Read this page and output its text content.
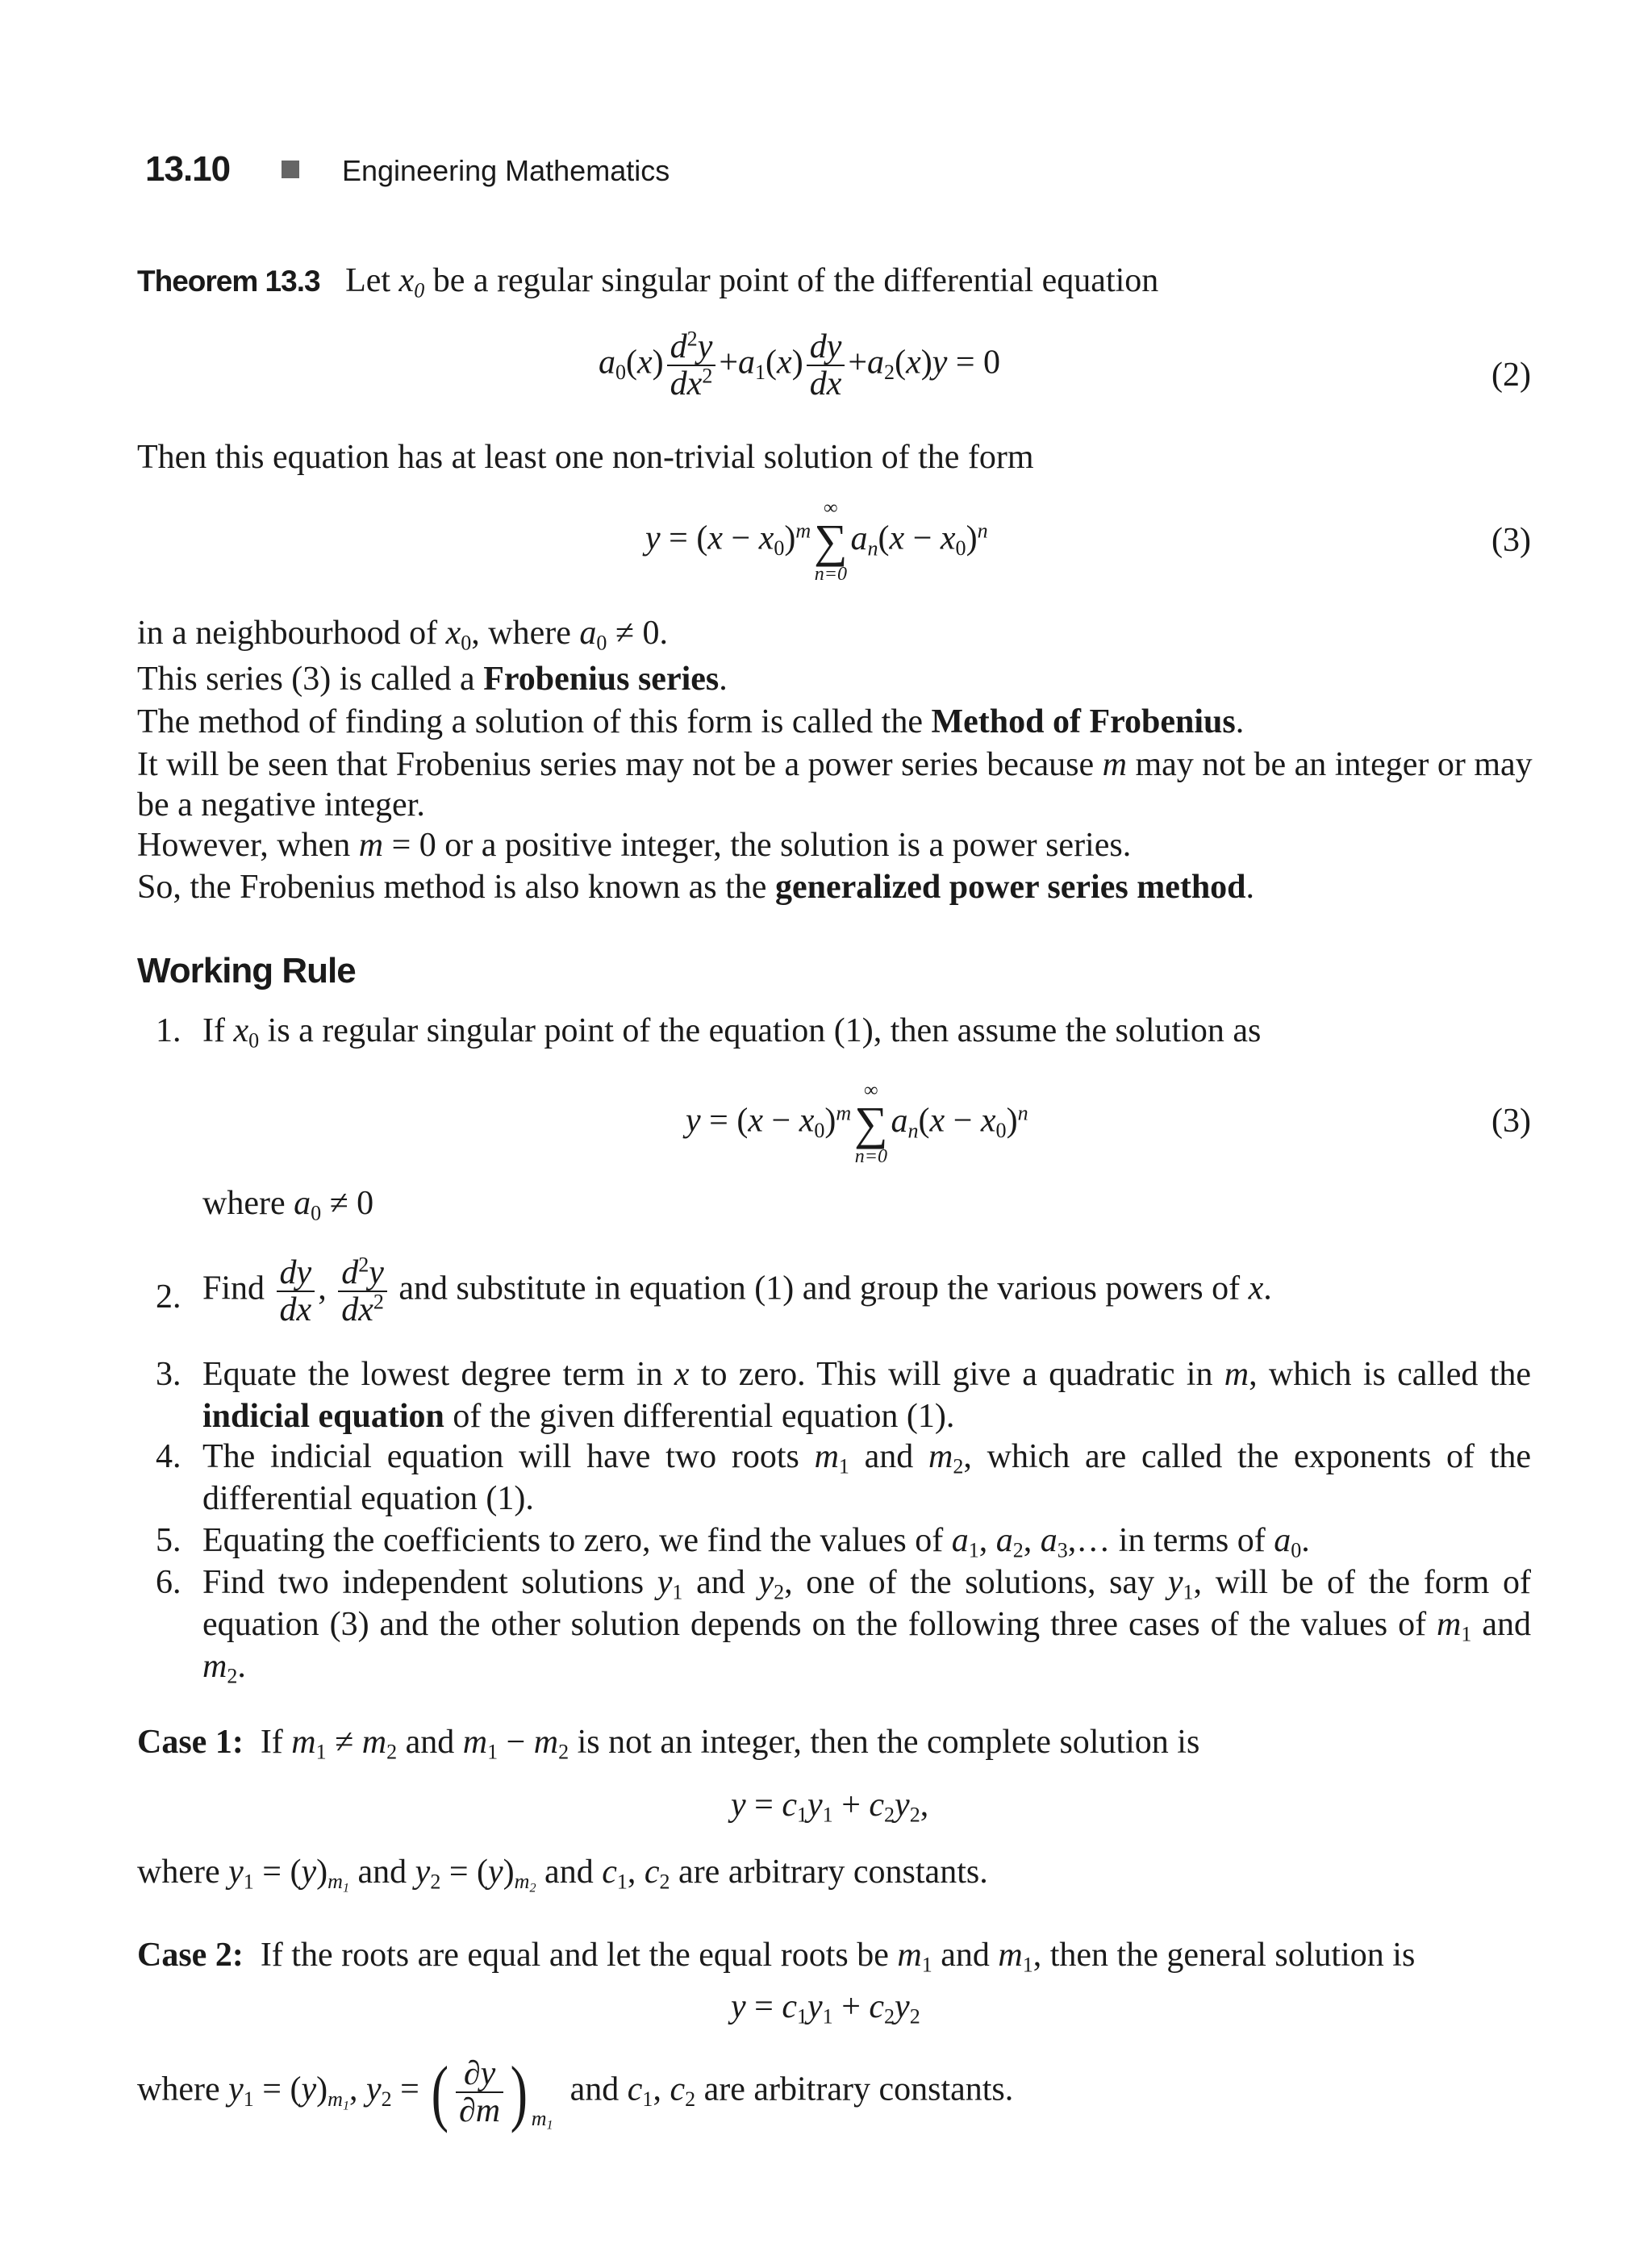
13.10	Engineering Mathematics
Theorem 13.3 Let $x_0$ be a regular singular point of the differential equation
$a_0(x) \frac{d^2y}{dx^2} +a_1(x) \frac{dy}{dx} +a_2(x)y = 0$	(2)
Then this equation has at least one non-trivial solution of the form
$y = (x - x_0)^m$
∞
∑
n=0
$a_n(x - x_0)^n$	(3)
in a neighbourhood of $x_0$, where $a_0 \ne 0$.
This series (3) is called a Frobenius series.
The method of finding a solution of this form is called the Method of Frobenius.
It will be seen that Frobenius series may not be a power series because m may not be an integer or may
be a negative integer.
However, when m = 0 or a positive integer, the solution is a power series.
So, the Frobenius method is also known as the generalized power series method.
Working Rule
1. If $x_0$ is a regular singular point of the equation (1), then assume the solution as
$y = (x - x_0)^m$
∞
∑
n=0
$a_n(x - x_0)^n$	(3)
where $a_0 \ne 0$
2. Find $\frac{dy}{dx}$ , $\frac{d^2y}{dx^2}$ and substitute in equation (1) and group the various powers of x.
3. Equate the lowest degree term in x to zero. This will give a quadratic in m, which is called the indicial equation of the given differential equation (1).
4. The indicial equation will have two roots $m_1$ and $m_2$, which are called the exponents of the differential equation (1).
5. Equating the coefficients to zero, we find the values of $a_1$, $a_2$, $a_3,\dots$ in terms of $a_0$.
6. Find two independent solutions $y_1$ and $y_2$, one of the solutions, say $y_1$, will be of the form of equation (3) and the other solution depends on the following three cases of the values of $m_1$ and $m_2$.
Case 1: If $m_1 \ne m_2$ and $m_1 - m_2$ is not an integer, then the complete solution is
$y = c_1y_1 + c_2y_2$,
where $y_1 = (y)_{m_1}$ and $y_2 = (y)_{m_2}$ and $c_1$, $c_2$ are arbitrary constants.
Case 2: If the roots are equal and let the equal roots be $m_1$ and $m_1$, then the general solution is
$y = c_1y_1 + c_2y_2$
where $y_1 = (y)_{m_1}$, $y_2$ = ( $\frac{\partial y}{\partial m}$ ) $_{m_1}$  and $c_1$, $c_2$ are arbitrary constants.
